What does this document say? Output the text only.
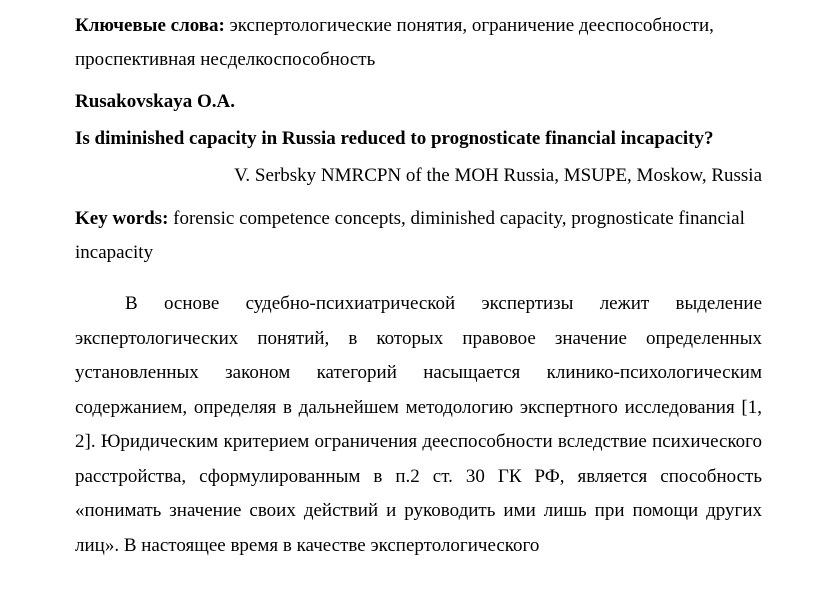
Ключевые слова: экспертологические понятия, ограничение дееспособности, проспективная несделкоспособность

Rusakovskaya O.A.

Is diminished capacity in Russia reduced to prognosticate financial incapacity?

V. Serbsky NMRCPN of the MOH Russia, MSUPE, Moskow, Russia

Key words: forensic competence concepts, diminished capacity, prognosticate financial incapacity

В основе судебно-психиатрической экспертизы лежит выделение экспертологических понятий, в которых правовое значение определенных установленных законом категорий насыщается клинико-психологическим содержанием, определяя в дальнейшем методологию экспертного исследования [1, 2]. Юридическим критерием ограничения дееспособности вследствие психического расстройства, сформулированным в п.2 ст. 30 ГК РФ, является способность «понимать значение своих действий и руководить ими лишь при помощи других лиц». В настоящее время в качестве экспертологического
